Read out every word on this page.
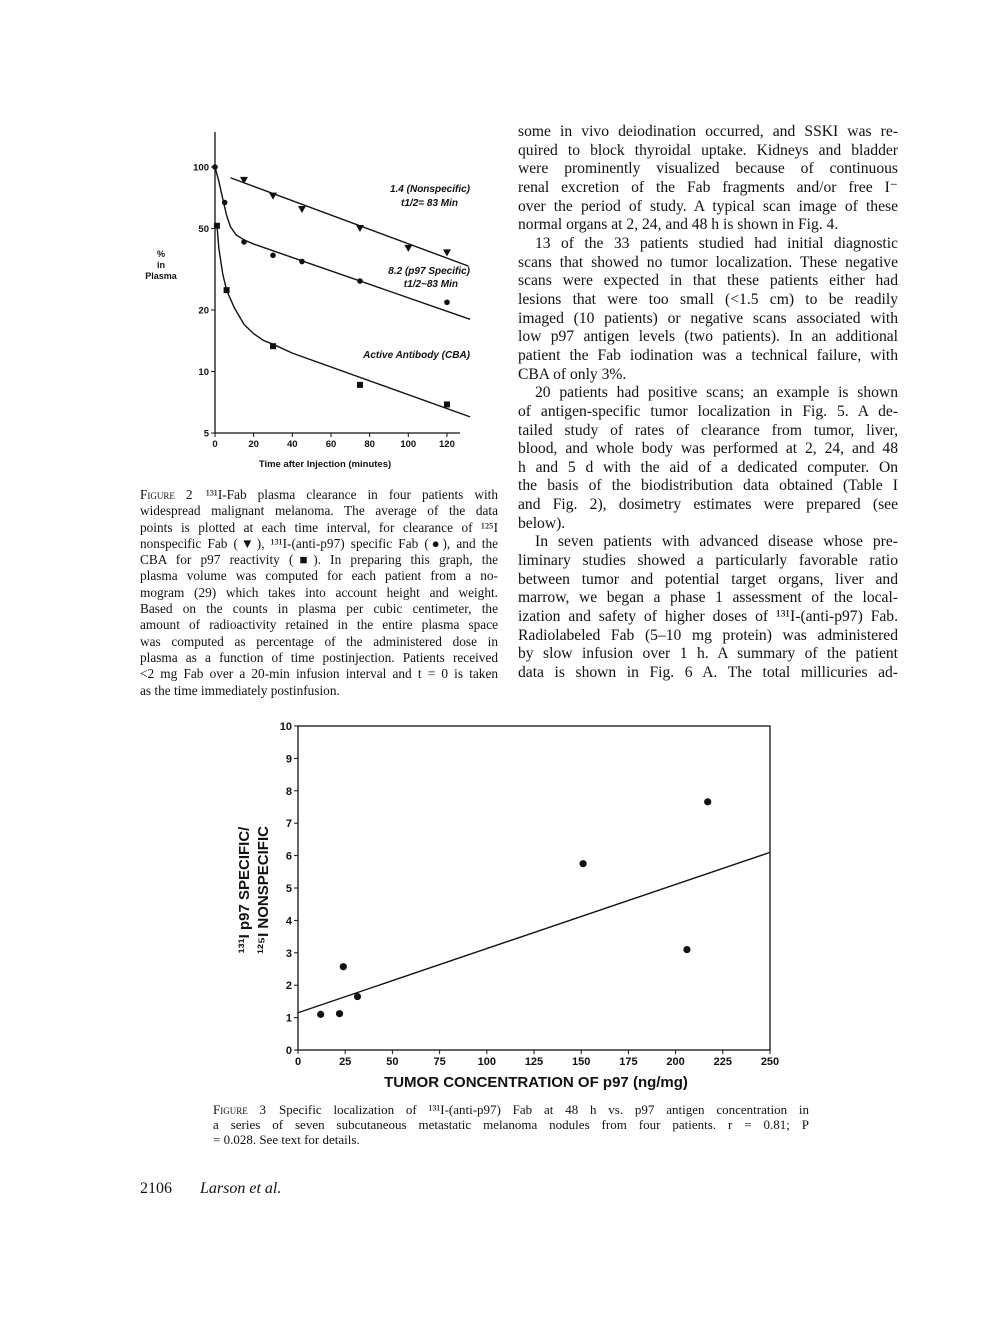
some in vivo deiodination occurred, and SSKI was re-
quired to block thyroidal uptake. Kidneys and bladder
were prominently visualized because of continuous
renal excretion of the Fab fragments and/or free I⁻
over the period of study. A typical scan image of these
normal organs at 2, 24, and 48 h is shown in Fig. 4.
13 of the 33 patients studied had initial diagnostic
scans that showed no tumor localization. These negative
scans were expected in that these patients either had
lesions that were too small (<1.5 cm) to be readily
imaged (10 patients) or negative scans associated with
low p97 antigen levels (two patients). In an additional
patient the Fab iodination was a technical failure, with
CBA of only 3%.
20 patients had positive scans; an example is shown
of antigen-specific tumor localization in Fig. 5. A de-
tailed study of rates of clearance from tumor, liver,
blood, and whole body was performed at 2, 24, and 48
h and 5 d with the aid of a dedicated computer. On
the basis of the biodistribution data obtained (Table I
and Fig. 2), dosimetry estimates were prepared (see
below).
In seven patients with advanced disease whose pre-
liminary studies showed a particularly favorable ratio
between tumor and potential target organs, liver and
marrow, we began a phase 1 assessment of the local-
ization and safety of higher doses of ¹³¹I-(anti-p97) Fab.
Radiolabeled Fab (5–10 mg protein) was administered
by slow infusion over 1 h. A summary of the patient
data is shown in Fig. 6 A. The total millicuries ad-
Figure 2 ¹³¹I-Fab plasma clearance in four patients with
widespread malignant melanoma. The average of the data
points is plotted at each time interval, for clearance of ¹²⁵I
nonspecific Fab (▼), ¹³¹I-(anti-p97) specific Fab (●), and the
CBA for p97 reactivity (■). In preparing this graph, the
plasma volume was computed for each patient from a no-
mogram (29) which takes into account height and weight.
Based on the counts in plasma per cubic centimeter, the
amount of radioactivity retained in the entire plasma space
was computed as percentage of the administered dose in
plasma as a function of time postinjection. Patients received
<2 mg Fab over a 20-min infusion interval and t = 0 is taken
as the time immediately postinfusion.
Figure 3 Specific localization of ¹³¹I-(anti-p97) Fab at 48 h vs. p97 antigen concentration in
a series of seven subcutaneous metastatic melanoma nodules from four patients. r = 0.81; P
= 0.028. See text for details.
5
10
20
50
100
0	20	40	60	80	100 120
Time after Injection (minutes)
%
in
Plasma
1.4 (Nonspecific)
t1/2= 83 Min
8.2 (p97 Specific)
t1/2~83 Min
Active Antibody (CBA)
0
1
2
3
4
5
6
7
8
9
10
0	25	50	75	100	125	150	175	200	225	250
TUMOR CONCENTRATION OF p97 (ng/mg)
¹³¹I p97 SPECIFIC/ ¹²⁵I NONSPECIFIC
2106 Larson et al.
